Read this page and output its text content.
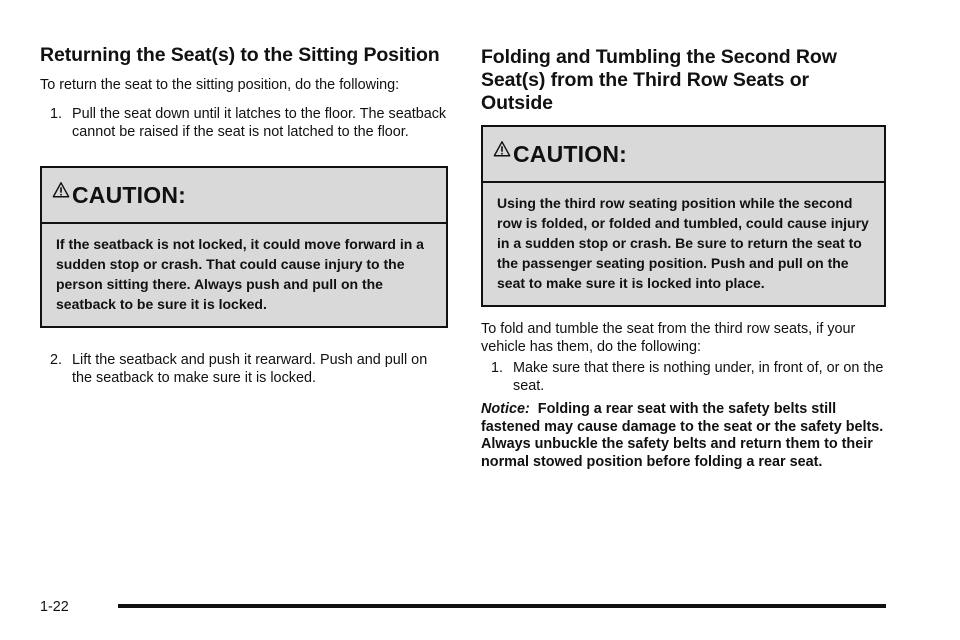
Returning the Seat(s) to the Sitting Position

To return the seat to the sitting position, do the following:

1. Pull the seat down until it latches to the floor. The seatback cannot be raised if the seat is not latched to the floor.
CAUTION:
If the seatback is not locked, it could move forward in a sudden stop or crash. That could cause injury to the person sitting there. Always push and pull on the seatback to be sure it is locked.
2. Lift the seatback and push it rearward. Push and pull on the seatback to make sure it is locked.
Folding and Tumbling the Second Row Seat(s) from the Third Row Seats or Outside
CAUTION:
Using the third row seating position while the second row is folded, or folded and tumbled, could cause injury in a sudden stop or crash. Be sure to return the seat to the passenger seating position. Push and pull on the seat to make sure it is locked into place.

To fold and tumble the seat from the third row seats, if your vehicle has them, do the following:

1. Make sure that there is nothing under, in front of, or on the seat.

Notice: Folding a rear seat with the safety belts still fastened may cause damage to the seat or the safety belts. Always unbuckle the safety belts and return them to their normal stowed position before folding a rear seat.

1-22
